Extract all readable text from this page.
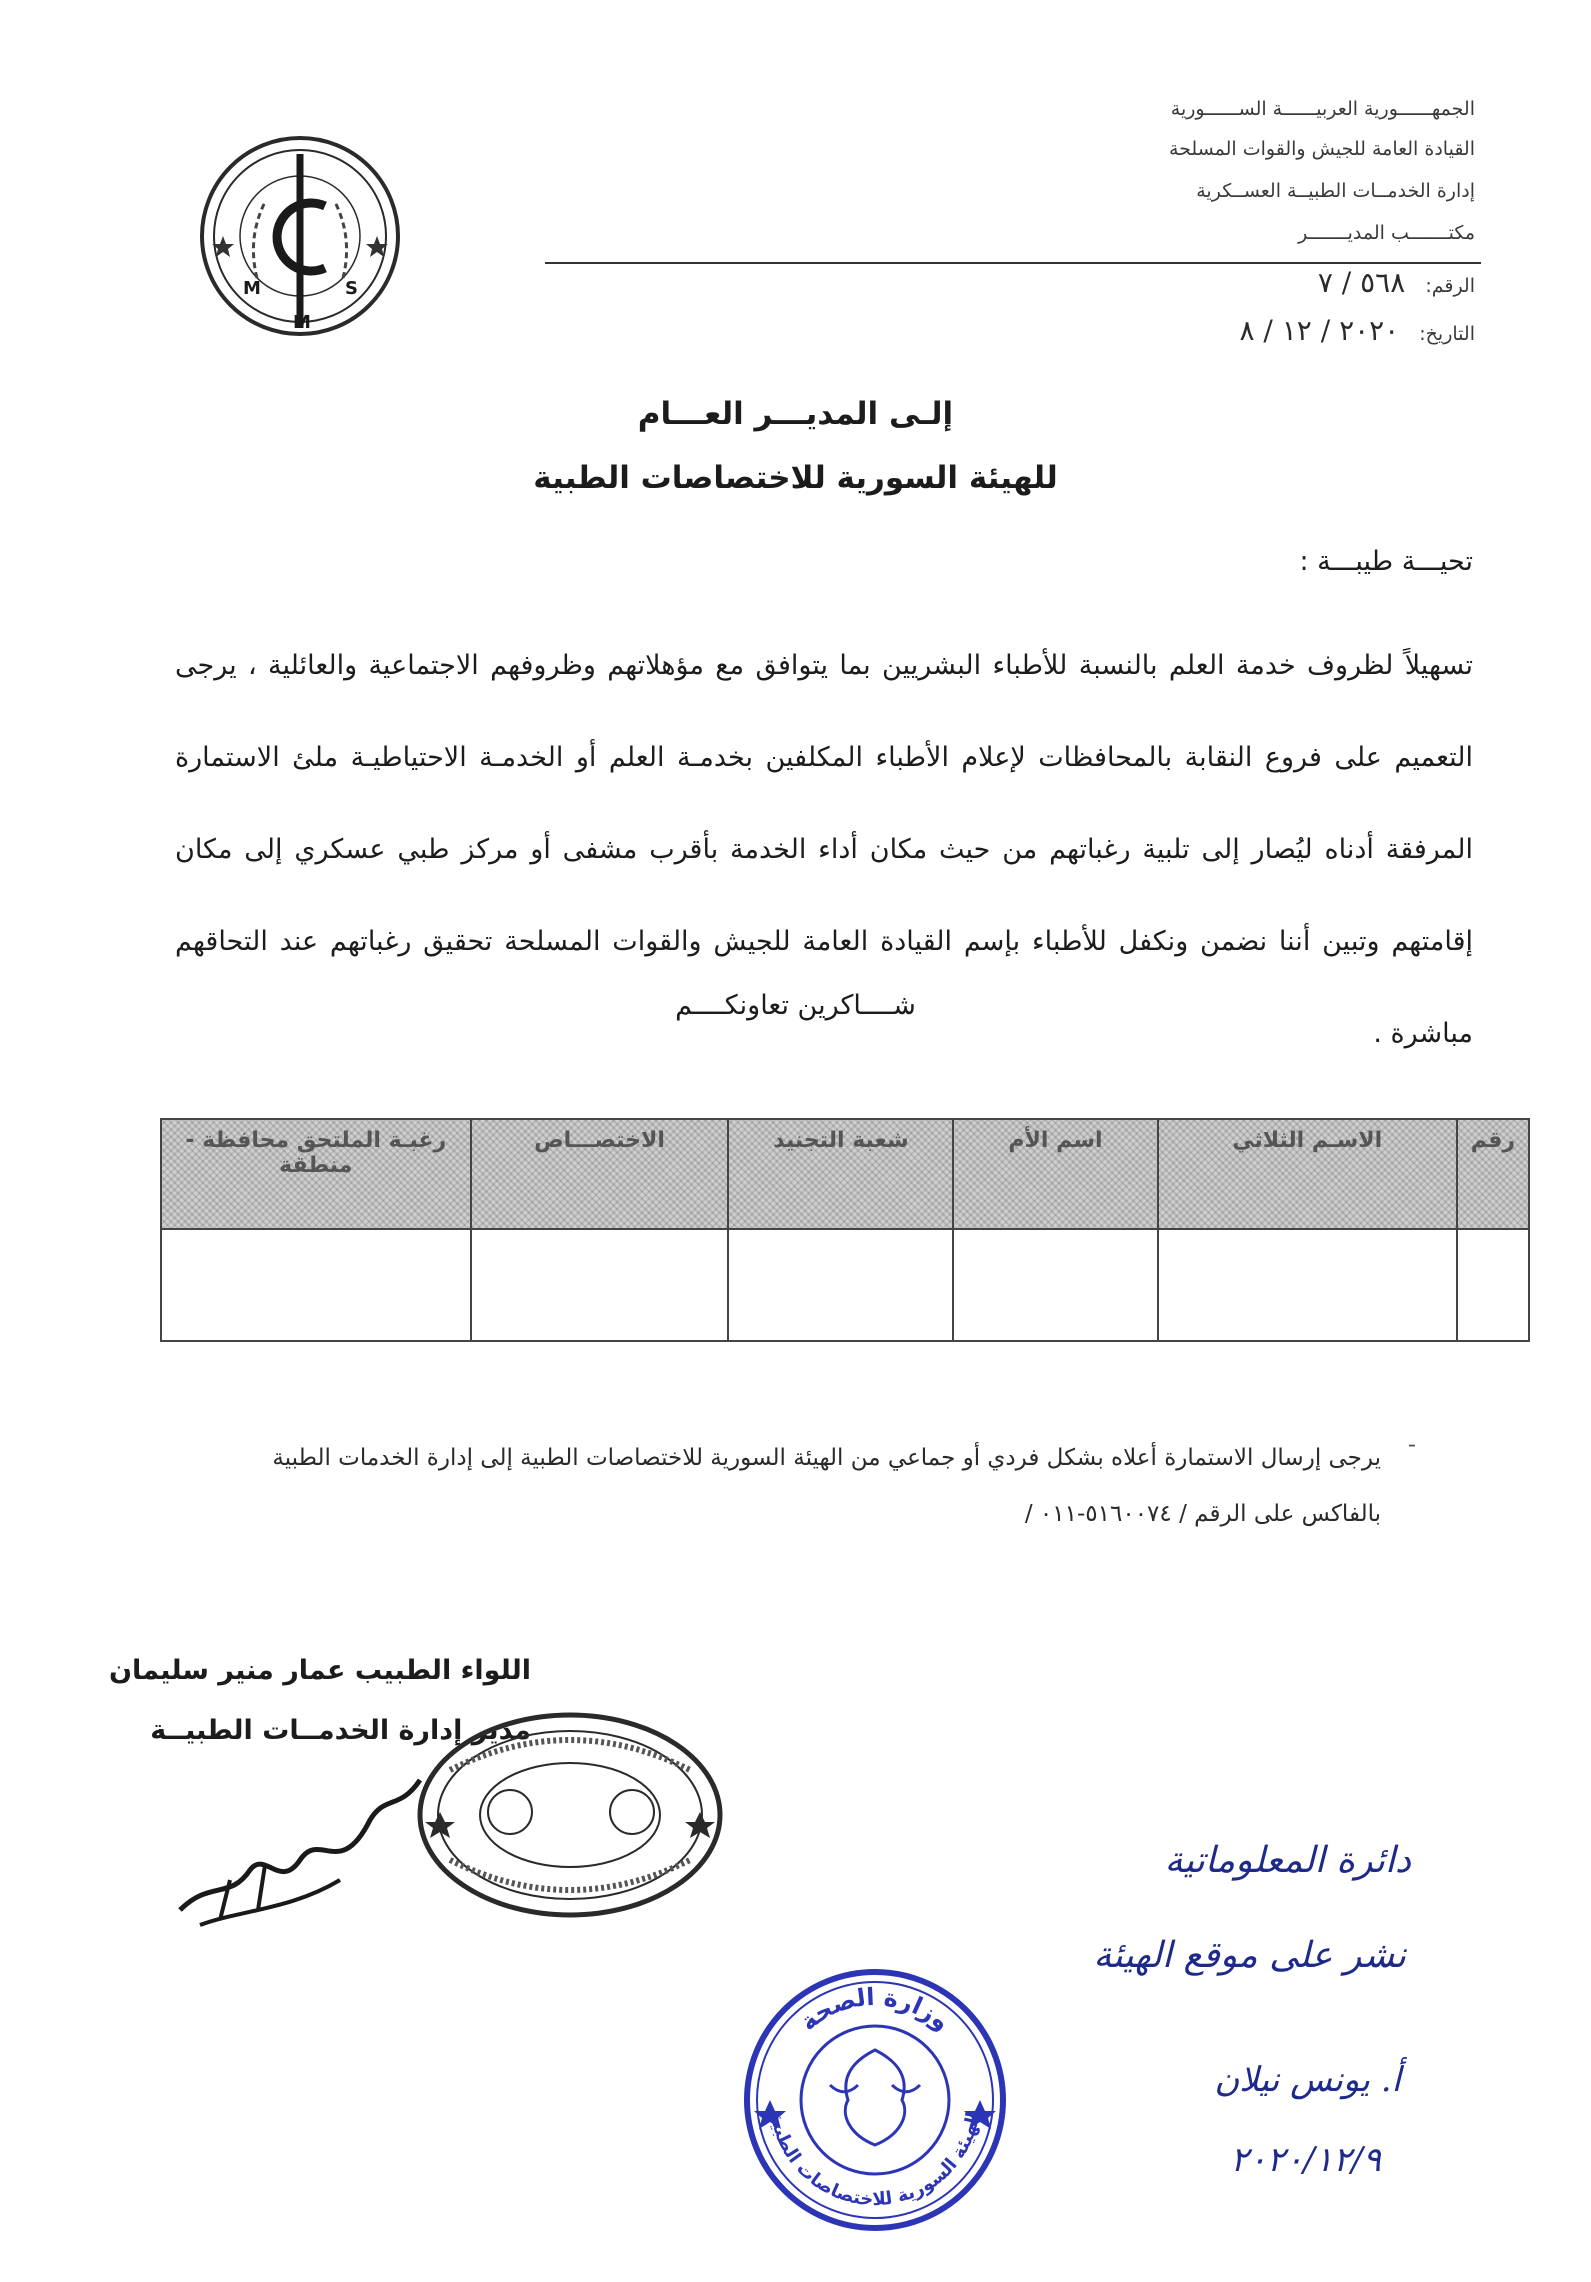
الجمهــــــورية العربيــــــة الســــــورية
القيادة العامة للجيش والقوات المسلحة
إدارة الخدمــات الطبيــة العســكرية
مكتـــــــب المديـــــــر
الرقم: ٥٦٨ / ٧
التاريخ: ٢٠٢٠ / ١٢ / ٨
M
M
S
إلـى المديـــر العـــام
للهيئة السورية للاختصاصات الطبية
تحيـــة طيبـــة :
تسهيلاً لظروف خدمة العلم بالنسبة للأطباء البشريين بما يتوافق مع مؤهلاتهم وظروفهم الاجتماعية والعائلية ، يرجى التعميم على فروع النقابة بالمحافظات لإعلام الأطباء المكلفين بخدمـة العلم أو الخدمـة الاحتياطيـة ملئ الاستمارة المرفقة أدناه ليُصار إلى تلبية رغباتهم من حيث مكان أداء الخدمة بأقرب مشفى أو مركز طبي عسكري إلى مكان إقامتهم وتبين أننا نضمن ونكفل للأطباء بإسم القيادة العامة للجيش والقوات المسلحة تحقيق رغباتهم عند التحاقهم مباشرة .
شــــاكرين تعاونكــــم
رقم	الاسـم الثلاثي	اسم الأم	شعبة التجنيد	الاختصـــاص	رغبـة الملتحق محافظة - منطقة

-
يرجى إرسال الاستمارة أعلاه بشكل فردي أو جماعي من الهيئة السورية للاختصاصات الطبية إلى إدارة الخدمات الطبية بالفاكس على الرقم / ٥١٦٠٠٧٤-٠١١ /
اللواء الطبيب عمار منير سليمان
مدير إدارة الخدمــات الطبيــة
دائرة المعلوماتية
نشر على موقع الهيئة
أ. يونس نيلان
٢٠٢٠/١٢/٩
وزارة الصحة
الهيئة السورية للاختصاصات الطبية
